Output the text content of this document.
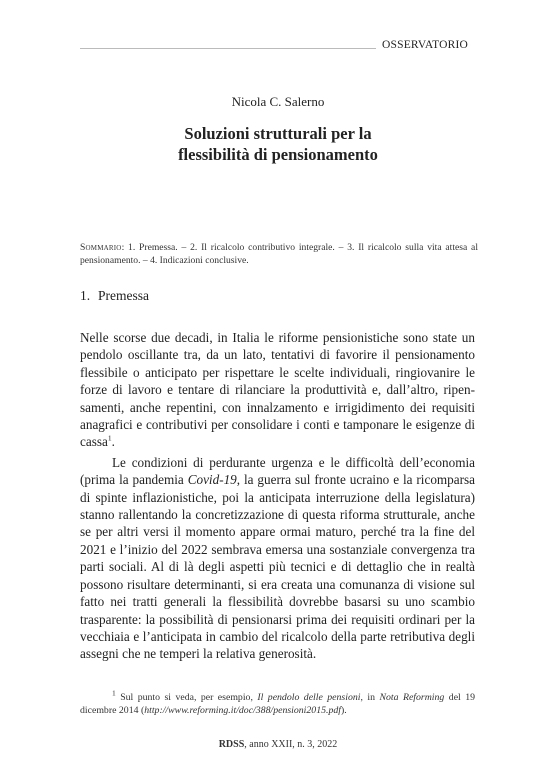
OSSERVATORIO
Nicola C. Salerno
Soluzioni strutturali per la
flessibilità di pensionamento
Sommario: 1. Premessa. – 2. Il ricalcolo contributivo integrale. – 3. Il ricalcolo sulla vita attesa al pensionamento. – 4. Indicazioni conclusive.
1. Premessa

Nelle scorse due decadi, in Italia le riforme pensionistiche sono state un pendolo oscillante tra, da un lato, tentativi di favorire il pensionamento flessibile o anticipato per rispettare le scelte individuali, ringiovanire le forze di lavoro e tentare di rilanciare la produttività e, dall’altro, ripensamenti, anche repentini, con innalzamento e irrigidimento dei requisiti anagrafici e contributivi per consolidare i conti e tamponare le esigenze di cassa$^1$.

Le condizioni di perdurante urgenza e le difficoltà dell’economia (prima la pandemia Covid-19, la guerra sul fronte ucraino e la ricomparsa di spinte inflazionistiche, poi la anticipata interruzione della legislatura) stanno rallentando la concretizzazione di questa riforma strutturale, anche se per altri versi il momento appare ormai maturo, perché tra la fine del 2021 e l’inizio del 2022 sembrava emersa una sostanziale convergenza tra parti sociali. Al di là degli aspetti più tecnici e di dettaglio che in realtà possono risultare determinanti, si era creata una comunanza di visione sul fatto nei tratti generali la flessibilità dovrebbe basarsi su uno scambio trasparente: la possibilità di pensionarsi prima dei requisiti ordinari per la vecchiaia e l’anticipata in cambio del ricalcolo della parte retributiva degli assegni che ne temperi la relativa generosità.

$^1$ Sul punto si veda, per esempio, Il pendolo delle pensioni, in Nota Reforming del 19 dicembre 2014 (http://www.reforming.it/doc/388/pensioni2015.pdf).
RDSS, anno XXII, n. 3, 2022
